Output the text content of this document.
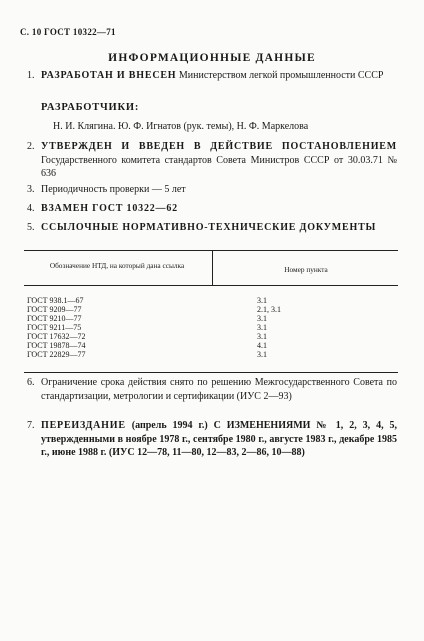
С. 10 ГОСТ 10322—71
ИНФОРМАЦИОННЫЕ ДАННЫЕ
1. РАЗРАБОТАН И ВНЕСЕН Министерством легкой промышленности СССР
РАЗРАБОТЧИКИ:
Н. И. Клягина. Ю. Ф. Игнатов (рук. темы), Н. Ф. Маркелова
2. УТВЕРЖДЕН И ВВЕДЕН В ДЕЙСТВИЕ ПОСТАНОВЛЕНИЕМ Государственного комитета стандартов Совета Министров СССР от 30.03.71 № 636
3. Периодичность проверки — 5 лет
4. ВЗАМЕН ГОСТ 10322—62
5. ССЫЛОЧНЫЕ НОРМАТИВНО-ТЕХНИЧЕСКИЕ ДОКУМЕНТЫ
Обозначение НТД, на который дана ссылка	Номер пункта
ГОСТ 938.1—67	3.1
ГОСТ 9209—77	2.1, 3.1
ГОСТ 9210—77	3.1
ГОСТ 9211—75	3.1
ГОСТ 17632—72	3.1
ГОСТ 19878—74	4.1
ГОСТ 22829—77	3.1
6. Ограничение срока действия снято по решению Межгосударственного Совета по стандартизации, метрологии и сертификации (ИУС 2—93)
7. ПЕРЕИЗДАНИЕ (апрель 1994 г.) С ИЗМЕНЕНИЯМИ № 1, 2, 3, 4, 5, утвержденными в ноябре 1978 г., сентябре 1980 г., августе 1983 г., декабре 1985 г., июне 1988 г. (ИУС 12—78, 11—80, 12—83, 2—86, 10—88)
